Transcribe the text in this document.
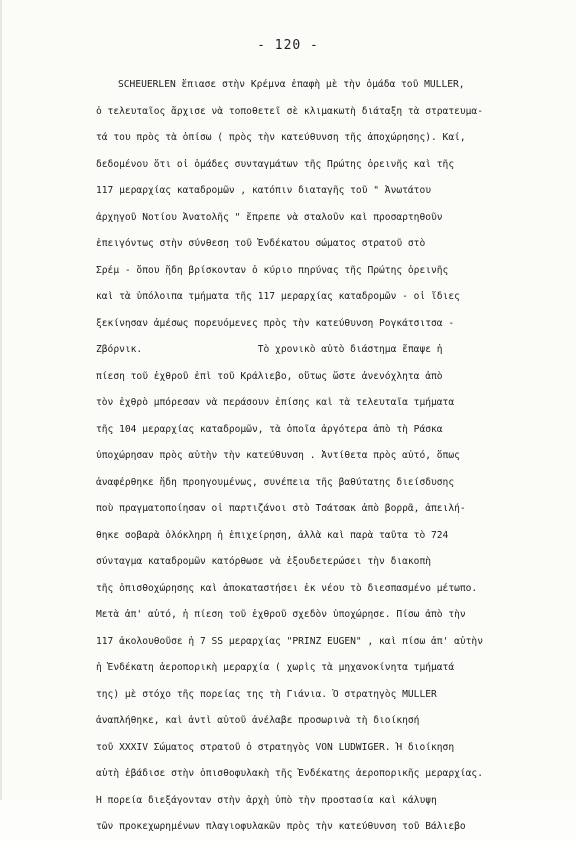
- 120 -
SCHEUERLEN ἔπιασε στὴν Κρέμνα ἐπαφὴ μὲ τὴν ὁμάδα τοῦ MULLER,
ὁ τελευταῖος ἄρχισε νὰ τοποθετεῖ σὲ κλιμακωτὴ διάταξη τὰ στρατευμα-
τά του πρὸς τὰ ὀπίσω ( πρὸς τὴν κατεύθυνση τῆς ἀποχώρησης). Καί,
δεδομένου ὅτι οἱ ὁμάδες συνταγμάτων τῆς Πρώτης ὀρεινῆς καὶ τῆς
117 μεραρχίας καταδρομῶν , κατόπιν διαταγῆς τοῦ " Ἀνωτάτου
ἀρχηγοῦ Νοτίου Ἀνατολῆς " ἔπρεπε νὰ σταλοῦν καὶ προσαρτηθοῦν
ἐπειγόντως στὴν σύνθεση τοῦ Ἑνδέκατου σώματος στρατοῦ στὸ
Σρέμ - ὅπου ἤδη βρίσκονταν ὁ κύριο πηρύνας τῆς Πρώτης ὀρεινῆς
καὶ τὰ ὑπόλοιπα τμήματα τῆς 117 μεραρχίας καταδρομῶν - οἱ ἴδιες
ξεκίνησαν ἀμέσως πορευόμενες πρὸς τὴν κατεύθυνση Ρογκάτσιτσα -
Ζβόρνικ.                    Τὸ χρονικὸ αὐτὸ διάστημα ἔπαψε ἡ
πίεση τοῦ ἐχθροῦ ἐπὶ τοῦ Κράλιεβο, οὕτως ὥστε ἀνενόχλητα ἀπὸ
τὸν ἐχθρὸ μπόρεσαν νὰ περάσουν ἐπίσης καὶ τὰ τελευταῖα τμήματα
τῆς 104 μεραρχίας καταδρομῶν, τὰ ὁποῖα ἀργότερα ἀπὸ τὴ Ράσκα
ὑποχώρησαν πρὸς αὐτὴν τὴν κατεύθυνση . Ἀντίθετα πρὸς αὐτό, ὅπως
ἀναφέρθηκε ἤδη προηγουμένως, συνέπεια τῆς βαθύτατης διείσδυσης
ποὺ πραγματοποίησαν οἱ παρτιζάνοι στὸ Τσάτσακ ἀπὸ βορρᾶ, ἀπειλή-
θηκε σοβαρὰ ὁλόκληρη ἡ ἐπιχείρηση, ἀλλὰ καὶ παρὰ ταῦτα τὸ 724
σύνταγμα καταδρομῶν κατόρθωσε νὰ ἐξουδετερώσει τὴν διακοπὴ
τῆς ὀπισθοχώρησης καὶ ἀποκαταστήσει ἐκ νέου τὸ διεσπασμένο μέτωπο.
Μετὰ ἀπ' αὐτό, ἡ πίεση τοῦ ἐχθροῦ σχεδὸν ὑποχώρησε. Πίσω ἀπὸ τὴν
117 ἀκολουθοῦσε ἡ 7 SS μεραρχίας "PRINZ EUGEN" , καὶ πίσω ἀπ' αὐτὴν
ἡ Ἑνδέκατη ἀεροπορικὴ μεραρχία ( χωρὶς τὰ μηχανοκίνητα τμήματά
της) μὲ στόχο τῆς πορείας της τὴ Γιάνια. Ὁ στρατηγὸς MULLER
ἀναπλήθηκε, καὶ ἀντὶ αὐτοῦ ἀνέλαβε προσωρινὰ τὴ διοίκησή
τοῦ XXXIV Σώματος στρατοῦ ὁ στρατηγὸς VON LUDWIGER. Ἡ διοίκηση
αὐτὴ ἐβάδισε στὴν ὀπισθοφυλακὴ τῆς Ἑνδέκατης ἀεροπορικῆς μεραρχίας.
Ἡ πορεία διεξάγονταν στὴν ἀρχὴ ὑπὸ τὴν προστασία καὶ κάλυψη
τῶν προκεχωρημένων πλαγιοφυλακῶν πρὸς τὴν κατεύθυνση τοῦ Βάλιεβο
